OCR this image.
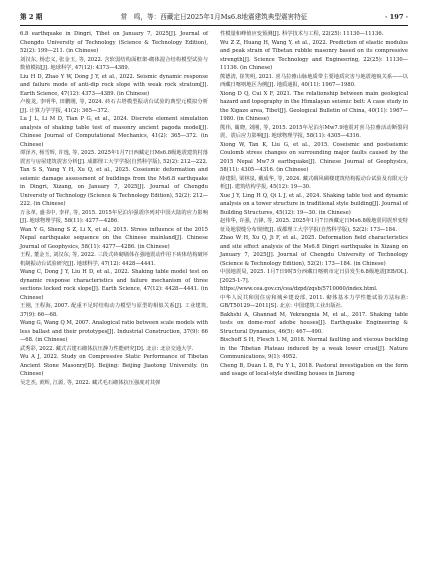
第 2 期	常　鸣，等：西藏定日2025年1月Ms6.8地震建筑典型震害特征	· 197 ·

6.8 earthquake in Dingri, Tibet on January 7, 2025[J]. Journal of Chengdu University of Technology (Science & Technology Edition), 52(2): 199—211. (in Chinese)

刘汉东, 杨忠义, 张金玉, 等, 2022. 含软弱结构面框架-砌体混合结构模型试验与数值模拟[J]. 地球科学, 47(12): 4373—4389.

Liu H D, Zhao Y W, Dong J Y, et al., 2022. Seismic dynamic response and failure mode of anti-dip rock slope with weak rock stratum[J]. Earth Science, 47(12): 4373—4389. (in Chinese)

卢俊龙, 李明华, 田鹏刚, 等, 2024. 砖石古塔模型振动台试验的典型元模拟分析[J]. 计算力学学报, 41(2): 365—372.

Lu J L, Li M D, Tian P G, et al., 2024. Discrete element simulation analysis of shaking table test of masonry ancient pagoda model[J]. Chinese Journal of Computational Mechanics, 41(2): 365—372. (in Chinese)

谭泽齐, 杨雪辉, 许逸, 等, 2025. 2025年1月7日西藏定日Ms6.8级地震建筑村落震害与房屋建筑震害分析[J]. 成都理工大学学报(自然科学版), 52(2): 212—222.

Tan S S, Yang Y H, Xu Q, et al., 2025. Coseismic deformation and seismic damage assessment of buildings from the Ms6.8 earthquake in Dingri, Xizang, on January 7, 2025[J]. Journal of Chengdu University of Technology (Science & Technology Edition), 52(2): 212—222. (in Chinese)

万永革, 盛书中, 李祥, 等, 2015. 2015年尼泊尔强震序列对中国大陆的应力影响[J]. 地球物理学报, 58(11): 4277—4286.

Wan Y G, Sheng S Z, Li X, et al., 2015. Stress influence of the 2015 Nepal earthquake sequence on the Chinese mainland[J]. Chinese Journal of Geophysics, 58(11): 4277—4286. (in Chinese)

王程, 董金玉, 刘汉东, 等, 2022. 三段式砖砌墙体在强地震动作用下砖体结构破坏机制振动台试验研究[J]. 地球科学, 47(12): 4428—4441.

Wang C, Dong J Y, Liu H D, et al., 2022. Shaking table model test on dynamic response characteristics and failure mechanism of three sections locked rock slope[J]. Earth Science, 47(12): 4428—4441. (in Chinese)

王刚, 王程海, 2007. 配重不足时结构动力模型与原型的相似关系[J]. 工业建筑, 37(9): 66—68.

Wang G, Wang Q M, 2007. Analogical ratio between scale models with less ballast and their prototypes[J]. Industrial Construction, 37(9): 66—68. (in Chinese)

武秀彩, 2022. 藏式古建石砌体抗压静力性能研究[D]. 北京: 北京交通大学.

Wu A J, 2022. Study on Compressive Static Performance of Tibetan Ancient Stone Masonry[D]. Beijing: Beijing Jiaotong University. (in Chinese)

吴芝杰, 黄辉, 江源, 等, 2022. 藏式毛石砌体抗压强度对其弹

性模量和峰值应变预测[J]. 科学技术与工程, 22(25): 11130—11136.

Wu Z Z, Huang H, Wang Y, et al., 2022. Prediction of elastic modulus and peak strain of Tibetan rubble masonry based on its compressive strength[J]. Science Technology and Engineering, 22(25): 11130—11136. (in Chinese)

熊德清, 崔笑明, 2021. 喜马拉雅山脉地质带主要地质灾害与地震地貌关系——以西藏日喀则地区为例[J]. 地质通报, 40(11): 1967—1980.

Xiong D Q, Cui X F, 2021. The relationship between main geological hazard and topography in the Himalayan seismic belt: A case study in the Xigaze area, Tibet[J]. Geological Bulletin of China, 40(11): 1967—1980. (in Chinese)

熊伟, 蔺晓, 刘刚, 等, 2015. 2015年尼泊尔Mw7.9地震对喜马拉雅活动断裂同震、震后应力影响[J]. 地球物理学报, 58(11): 4305—4316.

Xiong W, Tan K, Liu G, et al., 2015. Coseismic and postseismic Coulomb stress changes on surrounding major faults caused by the 2015 Nepal Mw7.9 earthquake[J]. Chinese Journal of Geophysics, 58(11): 4305—4316. (in Chinese)

薛建阳, 梁林泉, 戴成华, 等, 2024. 藏式碉风碉楼建筑结构振动台试验及有限元分析[J]. 建筑结构学报, 45(12): 19—30.

Xue J Y, Ling H Q, Qi L J, et al., 2024. Shaking table test and dynamic analysis on a tower structure in traditional style building[J]. Journal of Building Structures, 45(12): 19—30. (in Chinese)

赵伟华, 许强, 吉锋, 等, 2025. 2025年1月7日西藏定日Ms6.8级地震同震形变特征及地裂缝分布规律[J]. 成都理工大学学报(自然科学版), 52(2): 173—184.

Zhao W H, Xu Q, Ji F, et al., 2025. Deformation field characteristics and site effect analysis of the Ms6.8 Dingri earthquake in Xizang on January 7, 2025[J]. Journal of Chengdu University of Technology (Science & Technology Edition), 52(2): 173—184. (in Chinese)

中国地震局, 2025. 1月7日9时5分西藏日喀则市定日县发生6.8级地震[EB/OL]. [2025-1-7]. https://www.cea.gov.cn/cea/dzpd/zqsb/5710060/index.html.

中华人民共和国住房和城乡建设部, 2011. 砌体基本力学性能试验方法标准: GB/T50129—2011[S]. 北京: 中国建筑工业出版社.

Bakhshi A, Ghannad M, Yekrangnia M, et al., 2017. Shaking table tests on dome-roof adobe houses[J]. Earthquake Engineering & Structural Dynamics, 46(5): 467—490.

Bischoff S H, Flesch L M, 2018. Normal faulting and viscous buckling in the Tibetan Plateau induced by a weak lower crust[J]. Nature Communications, 9(1): 4952.

Cheng B, Duan L B, Fu Y L, 2018. Pastoral investigation on the form and usage of local-style dwelling houses in Jiarong
